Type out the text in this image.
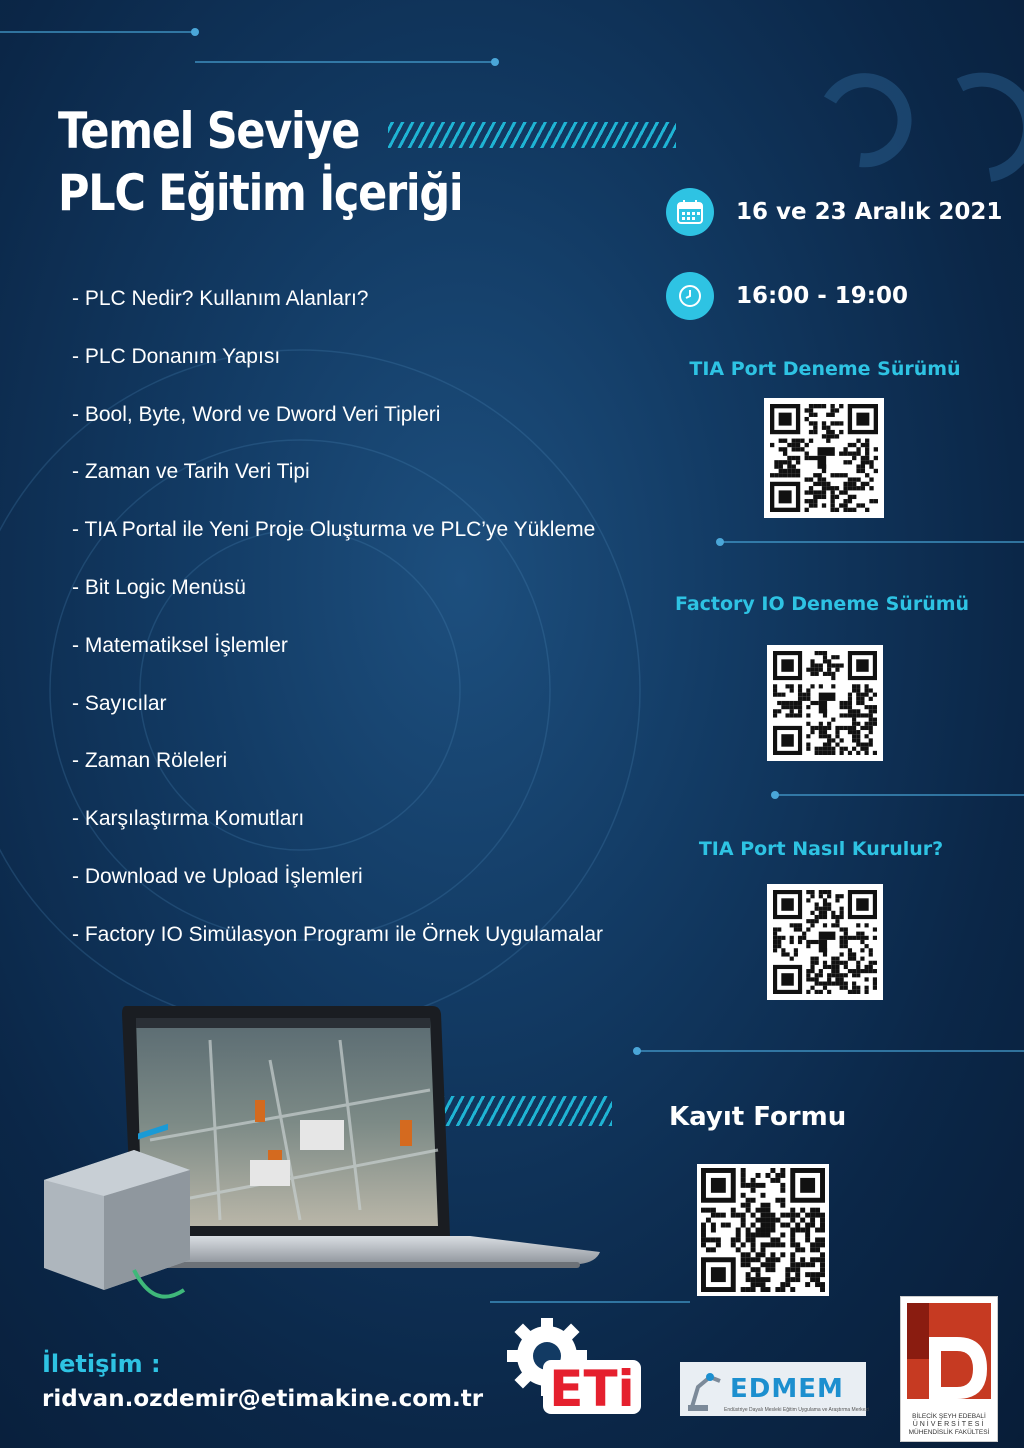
Temel Seviye
PLC Eğitim İçeriği
- PLC Nedir? Kullanım Alanları?
- PLC Donanım Yapısı
- Bool, Byte, Word ve Dword Veri Tipleri
- Zaman ve Tarih Veri Tipi
- TIA Portal ile Yeni Proje Oluşturma ve PLC’ye Yükleme
- Bit Logic Menüsü
- Matematiksel İşlemler
- Sayıcılar
- Zaman Röleleri
- Karşılaştırma Komutları
- Download ve Upload İşlemleri
- Factory IO Simülasyon Programı ile Örnek Uygulamalar
16 ve 23 Aralık 2021
16:00 - 19:00
TIA Port Deneme Sürümü
Factory IO Deneme Sürümü
TIA Port Nasıl Kurulur?
Kayıt Formu
İletişim :
ridvan.ozdemir@etimakine.com.tr ETi	EDMEM
Endüstriye Dayalı Mesleki Eğitim Uygulama ve Araştırma Merkezi
BİLECİK ŞEYH EDEBALİ
ÜNİVERSİTESİ
MÜHENDİSLİK FAKÜLTESİ
